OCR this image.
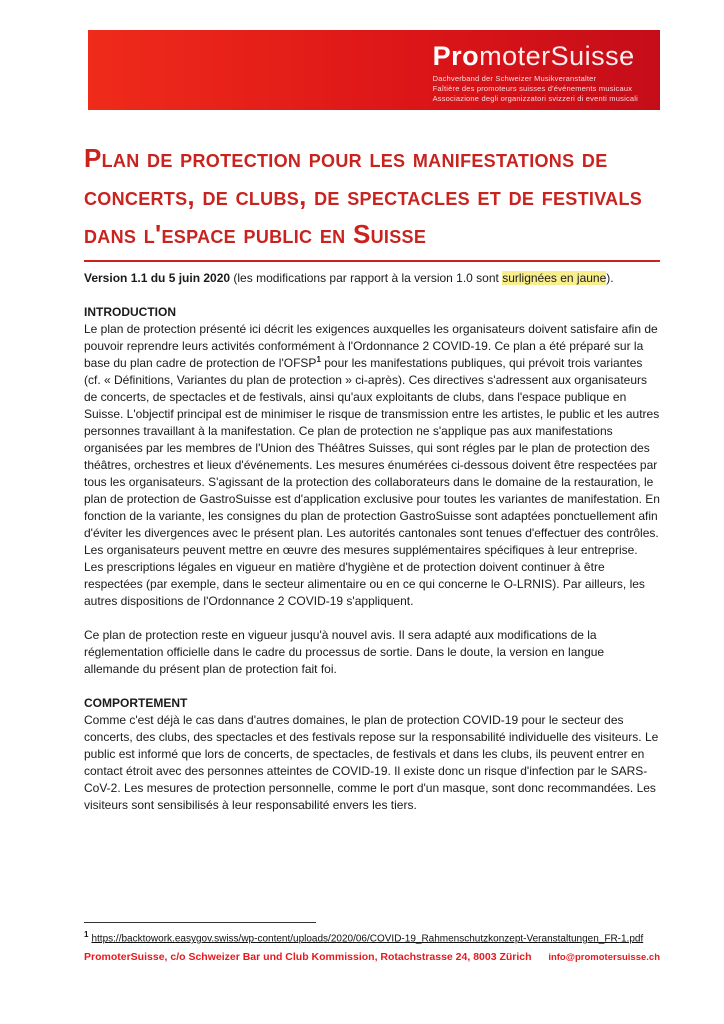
PromoterSuisse
Dachverband der Schweizer Musikveranstalter
Faîtière des promoteurs suisses d'événements musicaux
Associazione degli organizzatori svizzeri di eventi musicali
Plan de protection pour les manifestations de concerts, de clubs, de spectacles et de festivals dans l'espace public en Suisse

Version 1.1 du 5 juin 2020 (les modifications par rapport à la version 1.0 sont surlignées en jaune).

INTRODUCTION

Le plan de protection présenté ici décrit les exigences auxquelles les organisateurs doivent satisfaire afin de pouvoir reprendre leurs activités conformément à l'Ordonnance 2 COVID-19. Ce plan a été préparé sur la base du plan cadre de protection de l'OFSP$^1$ pour les manifestations publiques, qui prévoit trois variantes (cf. « Définitions, Variantes du plan de protection » ci-après). Ces directives s'adressent aux organisateurs de concerts, de spectacles et de festivals, ainsi qu'aux exploitants de clubs, dans l'espace publique en Suisse. L'objectif principal est de minimiser le risque de transmission entre les artistes, le public et les autres personnes travaillant à la manifestation. Ce plan de protection ne s'applique pas aux manifestations organisées par les membres de l'Union des Théâtres Suisses, qui sont régles par le plan de protection des théâtres, orchestres et lieux d'événements. Les mesures énumérées ci-dessous doivent être respectées par tous les organisateurs. S'agissant de la protection des collaborateurs dans le domaine de la restauration, le plan de protection de GastroSuisse est d'application exclusive pour toutes les variantes de manifestation. En fonction de la variante, les consignes du plan de protection GastroSuisse sont adaptées ponctuellement afin d'éviter les divergences avec le présent plan. Les autorités cantonales sont tenues d'effectuer des contrôles. Les organisateurs peuvent mettre en œuvre des mesures supplémentaires spécifiques à leur entreprise. Les prescriptions légales en vigueur en matière d'hygiène et de protection doivent continuer à être respectées (par exemple, dans le secteur alimentaire ou en ce qui concerne le O-LRNIS). Par ailleurs, les autres dispositions de l'Ordonnance 2 COVID-19 s'appliquent.

Ce plan de protection reste en vigueur jusqu'à nouvel avis. Il sera adapté aux modifications de la réglementation officielle dans le cadre du processus de sortie. Dans le doute, la version en langue allemande du présent plan de protection fait foi.

COMPORTEMENT

Comme c'est déjà le cas dans d'autres domaines, le plan de protection COVID-19 pour le secteur des concerts, des clubs, des spectacles et des festivals repose sur la responsabilité individuelle des visiteurs. Le public est informé que lors de concerts, de spectacles, de festivals et dans les clubs, ils peuvent entrer en contact étroit avec des personnes atteintes de COVID-19. Il existe donc un risque d'infection par le SARS-CoV-2. Les mesures de protection personnelle, comme le port d'un masque, sont donc recommandées. Les visiteurs sont sensibilisés à leur responsabilité envers les tiers.

$^1$ https://backtowork.easygov.swiss/wp-content/uploads/2020/06/COVID-19_Rahmenschutzkonzept-Veranstaltungen_FR-1.pdf
PromoterSuisse, c/o Schweizer Bar und Club Kommission, Rotachstrasse 24, 8003 Zürich info@promotersuisse.ch
